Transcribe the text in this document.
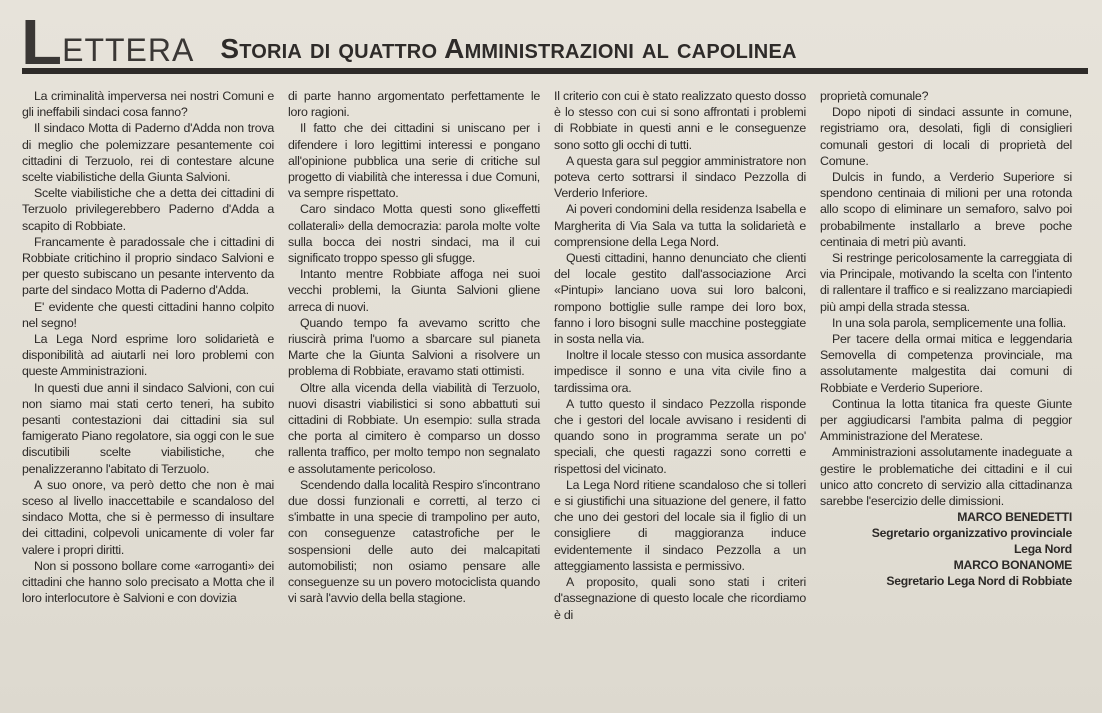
L ETTERA Storia di quattro Amministrazioni al capolinea

La criminalità imperversa nei nostri Comuni e gli ineffabili sindaci cosa fanno?

Il sindaco Motta di Paderno d'Adda non trova di meglio che polemizzare pesantemente coi cittadini di Terzuolo, rei di contestare alcune scelte viabilistiche della Giunta Salvioni.

Scelte viabilistiche che a detta dei cittadini di Terzuolo privilegerebbero Paderno d'Adda a scapito di Robbiate.

Francamente è paradossale che i cittadini di Robbiate critichino il proprio sindaco Salvioni e per questo subiscano un pesante intervento da parte del sindaco Motta di Paderno d'Adda.

E' evidente che questi cittadini hanno colpito nel segno!

La Lega Nord esprime loro solidarietà e disponibilità ad aiutarli nei loro problemi con queste Amministrazioni.

In questi due anni il sindaco Salvioni, con cui non siamo mai stati certo teneri, ha subito pesanti contestazioni dai cittadini sia sul famigerato Piano regolatore, sia oggi con le sue discutibili scelte viabilistiche, che penalizzeranno l'abitato di Terzuolo.

A suo onore, va però detto che non è mai sceso al livello inaccettabile e scandaloso del sindaco Motta, che si è permesso di insultare dei cittadini, colpevoli unicamente di voler far valere i propri diritti.

Non si possono bollare come «arroganti» dei cittadini che hanno solo precisato a Motta che il loro interlocutore è Salvioni e con dovizia

di parte hanno argomentato perfettamente le loro ragioni.

Il fatto che dei cittadini si uniscano per i difendere i loro legittimi interessi e pongano all'opinione pubblica una serie di critiche sul progetto di viabilità che interessa i due Comuni, va sempre rispettato.

Caro sindaco Motta questi sono gli«effetti collaterali» della democrazia: parola molte volte sulla bocca dei nostri sindaci, ma il cui significato troppo spesso gli sfugge.

Intanto mentre Robbiate affoga nei suoi vecchi problemi, la Giunta Salvioni gliene arreca di nuovi.

Quando tempo fa avevamo scritto che riuscirà prima l'uomo a sbarcare sul pianeta Marte che la Giunta Salvioni a risolvere un problema di Robbiate, eravamo stati ottimisti.

Oltre alla vicenda della viabilità di Terzuolo, nuovi disastri viabilistici si sono abbattuti sui cittadini di Robbiate. Un esempio: sulla strada che porta al cimitero è comparso un dosso rallenta traffico, per molto tempo non segnalato e assolutamente pericoloso.

Scendendo dalla località Respiro s'incontrano due dossi funzionali e corretti, al terzo ci s'imbatte in una specie di trampolino per auto, con conseguenze catastrofiche per le sospensioni delle auto dei malcapitati automobilisti; non osiamo pensare alle conseguenze su un povero motociclista quando vi sarà l'avvio della bella stagione.

Il criterio con cui è stato realizzato questo dosso è lo stesso con cui si sono affrontati i problemi di Robbiate in questi anni e le conseguenze sono sotto gli occhi di tutti.

A questa gara sul peggior amministratore non poteva certo sottrarsi il sindaco Pezzolla di Verderio Inferiore.

Ai poveri condomini della residenza Isabella e Margherita di Via Sala va tutta la solidarietà e comprensione della Lega Nord.

Questi cittadini, hanno denunciato che clienti del locale gestito dall'associazione Arci «Pintupi» lanciano uova sui loro balconi, rompono bottiglie sulle rampe dei loro box, fanno i loro bisogni sulle macchine posteggiate in sosta nella via.

Inoltre il locale stesso con musica assordante impedisce il sonno e una vita civile fino a tardissima ora.

A tutto questo il sindaco Pezzolla risponde che i gestori del locale avvisano i residenti di quando sono in programma serate un po' speciali, che questi ragazzi sono corretti e rispettosi del vicinato.

La Lega Nord ritiene scandaloso che si tolleri e si giustifichi una situazione del genere, il fatto che uno dei gestori del locale sia il figlio di un consigliere di maggioranza induce evidentemente il sindaco Pezzolla a un atteggiamento lassista e permissivo.

A proposito, quali sono stati i criteri d'assegnazione di questo locale che ricordiamo è di

proprietà comunale?

Dopo nipoti di sindaci assunte in comune, registriamo ora, desolati, figli di consiglieri comunali gestori di locali di proprietà del Comune.

Dulcis in fundo, a Verderio Superiore si spendono centinaia di milioni per una rotonda allo scopo di eliminare un semaforo, salvo poi probabilmente installarlo a breve poche centinaia di metri più avanti.

Si restringe pericolosamente la carreggiata di via Principale, motivando la scelta con l'intento di rallentare il traffico e si realizzano marciapiedi più ampi della strada stessa.

In una sola parola, semplicemente una follia.

Per tacere della ormai mitica e leggendaria Semovella di competenza provinciale, ma assolutamente malgestita dai comuni di Robbiate e Verderio Superiore.

Continua la lotta titanica fra queste Giunte per aggiudicarsi l'ambita palma di peggior Amministrazione del Meratese.

Amministrazioni assolutamente inadeguate a gestire le problematiche dei cittadini e il cui unico atto concreto di servizio alla cittadinanza sarebbe l'esercizio delle dimissioni.

MARCO BENEDETTI
Segretario organizzativo provinciale
Lega Nord
MARCO BONANOME
Segretario Lega Nord di Robbiate
